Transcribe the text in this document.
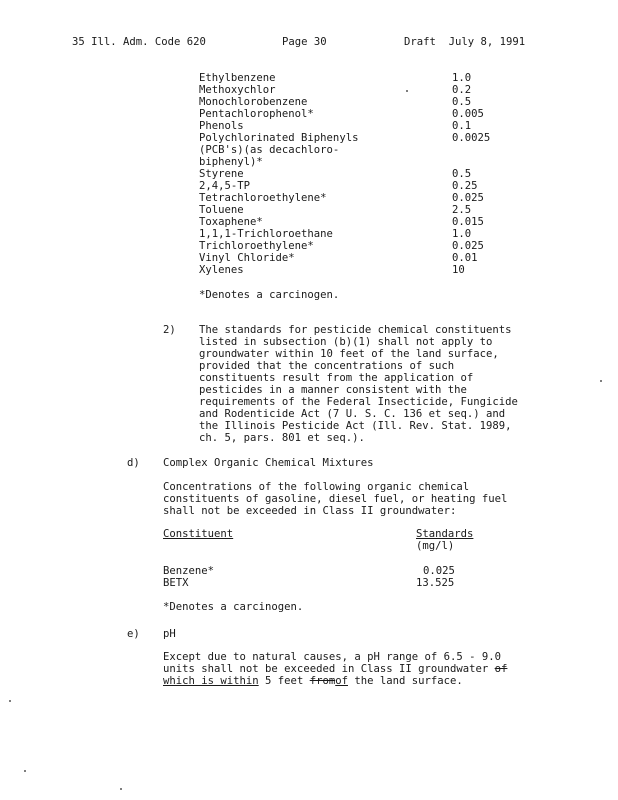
35 Ill. Adm. Code 620	Page 30	Draft  July 8, 1991
Ethylbenzene	1.0
Methoxychlor	0.2
Monochlorobenzene	0.5
Pentachlorophenol*	0.005
Phenols	0.1
Polychlorinated Biphenyls	0.0025
(PCB's)(as decachloro-
biphenyl)*
Styrene	0.5
2,4,5-TP	0.25
Tetrachloroethylene*	0.025
Toluene	2.5
Toxaphene*	0.015
1,1,1-Trichloroethane	1.0
Trichloroethylene*	0.025
Vinyl Chloride*	0.01
Xylenes	10
*Denotes a carcinogen.
2) The standards for pesticide chemical constituents
listed in subsection (b)(1) shall not apply to
groundwater within 10 feet of the land surface,
provided that the concentrations of such
constituents result from the application of
pesticides in a manner consistent with the
requirements of the Federal Insecticide, Fungicide
and Rodenticide Act (7 U. S. C. 136 et seq.) and
the Illinois Pesticide Act (Ill. Rev. Stat. 1989,
ch. 5, pars. 801 et seq.).
d) Complex Organic Chemical Mixtures
Concentrations of the following organic chemical
constituents of gasoline, diesel fuel, or heating fuel
shall not be exceeded in Class II groundwater:
Constituent	Standards
(mg/l)
Benzene*	0.025
BETX	13.525
*Denotes a carcinogen.
e) pH
Except due to natural causes, a pH range of 6.5 - 9.0
units shall not be exceeded in Class II groundwater of
which is within 5 feet fromof the land surface.
